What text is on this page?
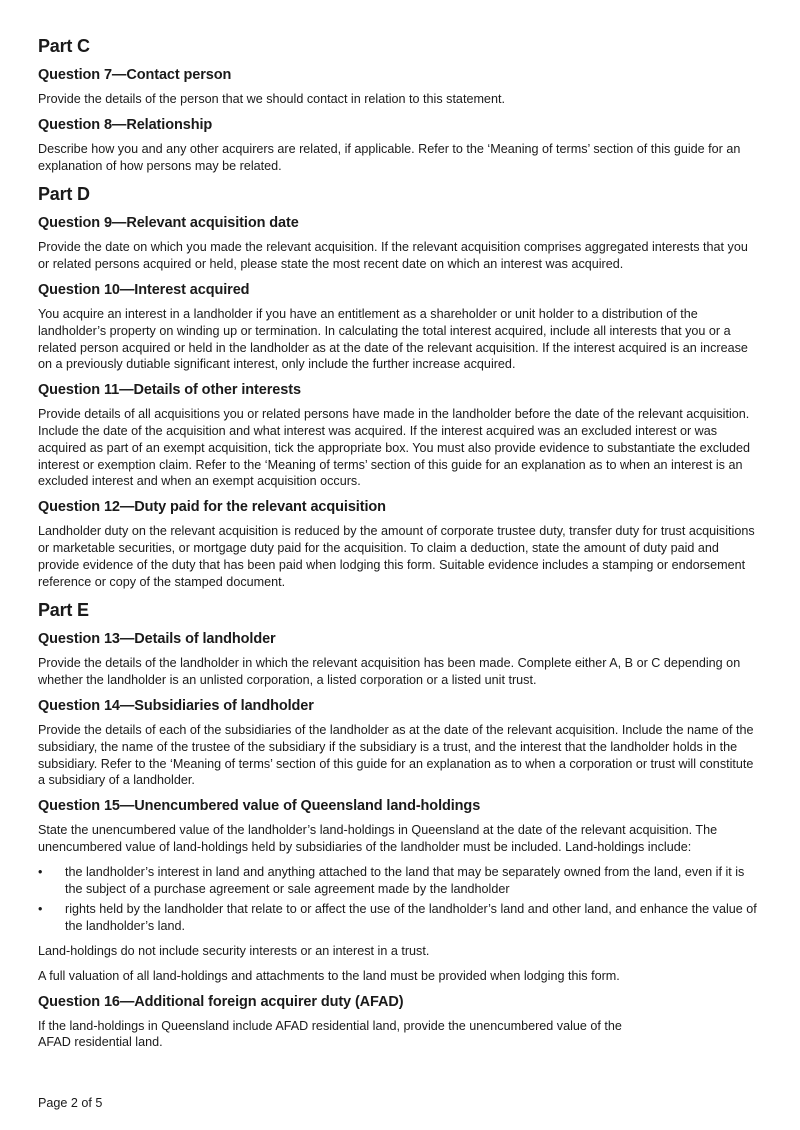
Part C
Question 7—Contact person

Provide the details of the person that we should contact in relation to this statement.

Question 8—Relationship

Describe how you and any other acquirers are related, if applicable. Refer to the ‘Meaning of terms’ section of this guide for an explanation of how persons may be related.

Part D
Question 9—Relevant acquisition date

Provide the date on which you made the relevant acquisition. If the relevant acquisition comprises aggregated interests that you or related persons acquired or held, please state the most recent date on which an interest was acquired.

Question 10—Interest acquired

You acquire an interest in a landholder if you have an entitlement as a shareholder or unit holder to a distribution of the landholder’s property on winding up or termination. In calculating the total interest acquired, include all interests that you or a related person acquired or held in the landholder as at the date of the relevant acquisition. If the interest acquired is an increase on a previously dutiable significant interest, only include the further increase acquired.

Question 11—Details of other interests

Provide details of all acquisitions you or related persons have made in the landholder before the date of the relevant acquisition. Include the date of the acquisition and what interest was acquired. If the interest acquired was an excluded interest or was acquired as part of an exempt acquisition, tick the appropriate box. You must also provide evidence to substantiate the excluded interest or exemption claim. Refer to the ‘Meaning of terms’ section of this guide for an explanation as to when an interest is an excluded interest and when an exempt acquisition occurs.

Question 12—Duty paid for the relevant acquisition

Landholder duty on the relevant acquisition is reduced by the amount of corporate trustee duty, transfer duty for trust acquisitions or marketable securities, or mortgage duty paid for the acquisition. To claim a deduction, state the amount of duty paid and provide evidence of the duty that has been paid when lodging this form. Suitable evidence includes a stamping or endorsement reference or copy of the stamped document.

Part E
Question 13—Details of landholder

Provide the details of the landholder in which the relevant acquisition has been made. Complete either A, B or C depending on whether the landholder is an unlisted corporation, a listed corporation or a listed unit trust.

Question 14—Subsidiaries of landholder

Provide the details of each of the subsidiaries of the landholder as at the date of the relevant acquisition. Include the name of the subsidiary, the name of the trustee of the subsidiary if the subsidiary is a trust, and the interest that the landholder holds in the subsidiary. Refer to the ‘Meaning of terms’ section of this guide for an explanation as to when a corporation or trust will constitute a subsidiary of a landholder.

Question 15—Unencumbered value of Queensland land-holdings

State the unencumbered value of the landholder’s land-holdings in Queensland at the date of the relevant acquisition. The unencumbered value of land-holdings held by subsidiaries of the landholder must be included. Land-holdings include:

• the landholder’s interest in land and anything attached to the land that may be separately owned from the land, even if it is the subject of a purchase agreement or sale agreement made by the landholder
• rights held by the landholder that relate to or affect the use of the landholder’s land and other land, and enhance the value of the landholder’s land.

Land-holdings do not include security interests or an interest in a trust.

A full valuation of all land-holdings and attachments to the land must be provided when lodging this form.

Question 16—Additional foreign acquirer duty (AFAD)

If the land-holdings in Queensland include AFAD residential land, provide the unencumbered value of the
AFAD residential land.

Page 2 of 5
